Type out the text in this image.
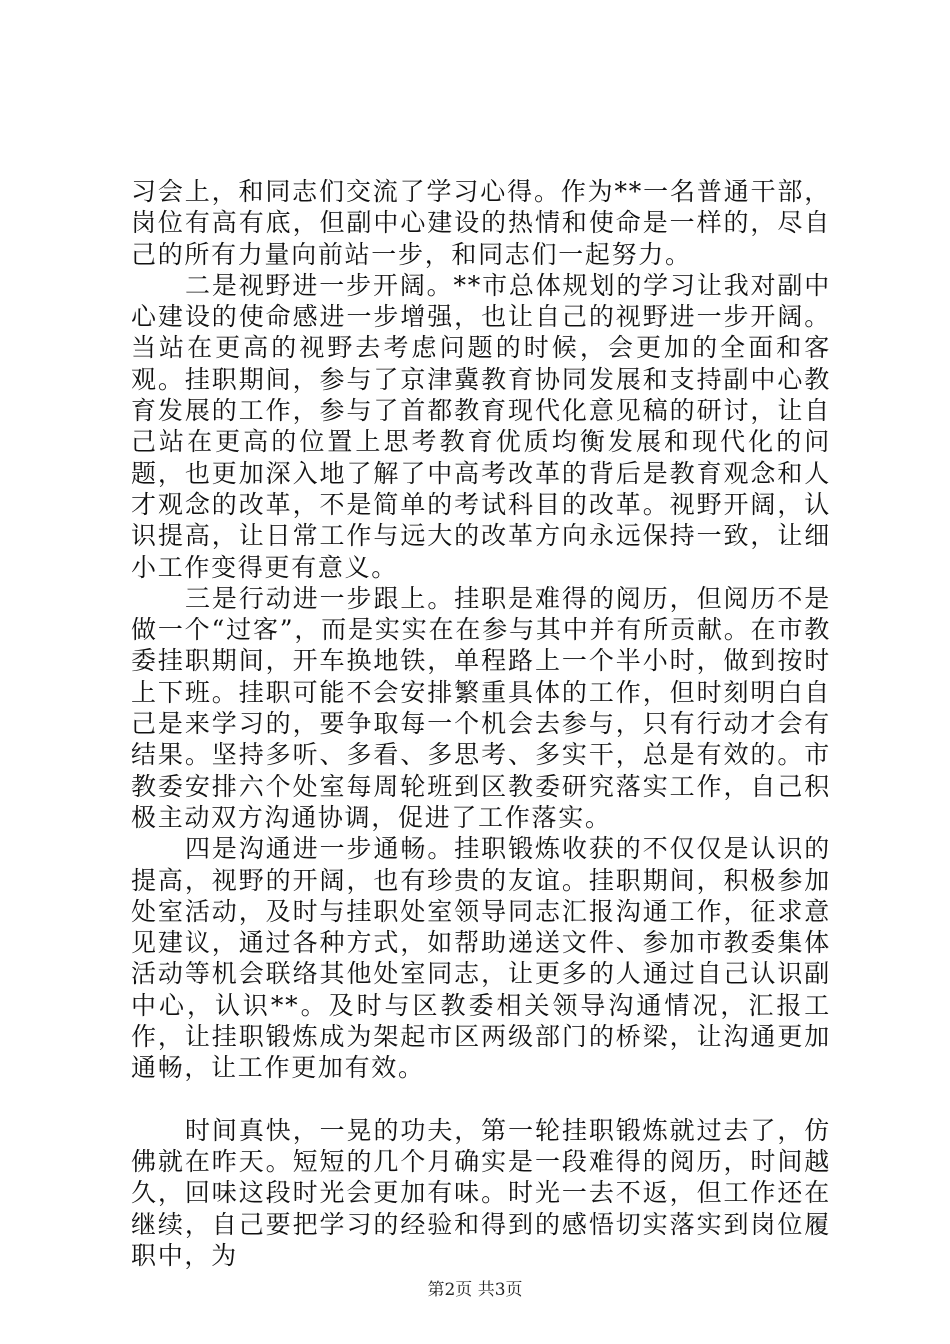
习会上，和同志们交流了学习心得。作为**一名普通干部，岗位有高有底，但副中心建设的热情和使命是一样的，尽自己的所有力量向前站一步，和同志们一起努力。

二是视野进一步开阔。**市总体规划的学习让我对副中心建设的使命感进一步增强，也让自己的视野进一步开阔。当站在更高的视野去考虑问题的时候，会更加的全面和客观。挂职期间，参与了京津冀教育协同发展和支持副中心教育发展的工作，参与了首都教育现代化意见稿的研讨，让自己站在更高的位置上思考教育优质均衡发展和现代化的问题，也更加深入地了解了中高考改革的背后是教育观念和人才观念的改革，不是简单的考试科目的改革。视野开阔，认识提高，让日常工作与远大的改革方向永远保持一致，让细小工作变得更有意义。

三是行动进一步跟上。挂职是难得的阅历，但阅历不是做一个“过客”，而是实实在在参与其中并有所贡献。在市教委挂职期间，开车换地铁，单程路上一个半小时，做到按时上下班。挂职可能不会安排繁重具体的工作，但时刻明白自己是来学习的，要争取每一个机会去参与，只有行动才会有结果。坚持多听、多看、多思考、多实干，总是有效的。市教委安排六个处室每周轮班到区教委研究落实工作，自己积极主动双方沟通协调，促进了工作落实。

四是沟通进一步通畅。挂职锻炼收获的不仅仅是认识的提高，视野的开阔，也有珍贵的友谊。挂职期间，积极参加处室活动，及时与挂职处室领导同志汇报沟通工作，征求意见建议，通过各种方式，如帮助递送文件、参加市教委集体活动等机会联络其他处室同志，让更多的人通过自己认识副中心，认识**。及时与区教委相关领导沟通情况，汇报工作，让挂职锻炼成为架起市区两级部门的桥梁，让沟通更加通畅，让工作更加有效。

时间真快，一晃的功夫，第一轮挂职锻炼就过去了，仿佛就在昨天。短短的几个月确实是一段难得的阅历，时间越久，回味这段时光会更加有味。时光一去不返，但工作还在继续，自己要把学习的经验和得到的感悟切实落实到岗位履职中，为

第2页 共3页
